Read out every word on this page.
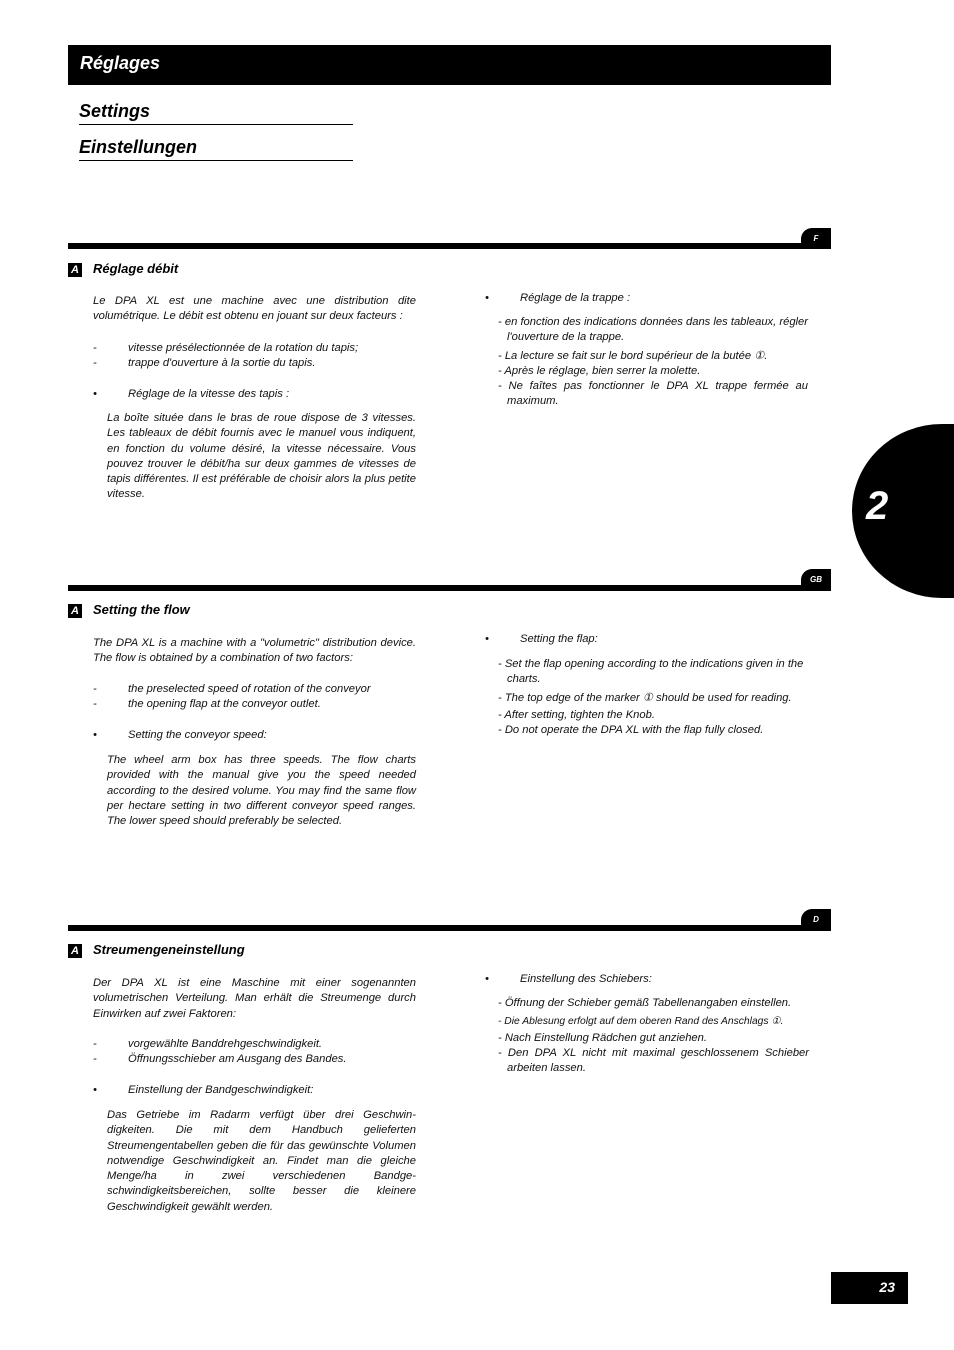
Réglages
Settings
Einstellungen
2
F
A Réglage débit

Le DPA XL est une machine avec une distribution dite volumétrique. Le débit est obtenu en jouant sur deux facteurs :

-	vitesse présélectionnée de la rotation du tapis;
-	trappe d'ouverture à la sortie du tapis.
•	Réglage de la vitesse des tapis :

La boîte située dans le bras de roue dispose de 3 vitesses. Les tableaux de débit fournis avec le manuel vous indiquent, en fonction du volume désiré, la vitesse nécessaire. Vous pouvez trouver le débit/ha sur deux gammes de vitesses de tapis différentes. Il est préférable de choisir alors la plus petite vitesse.

•	Réglage de la trappe :

- en fonction des indications données dans les tableaux, régler l'ouverture de la trappe.

- La lecture se fait sur le bord supérieur de la butée ①.

- Après le réglage, bien serrer la molette.

- Ne faîtes pas fonctionner le DPA XL trappe fermée au maximum.

GB
A Setting the flow

The DPA XL is a machine with a "volumetric" distribution device. The flow is obtained by a combination of two factors:

-	the preselected speed of rotation of the conveyor
-	the opening flap at the conveyor outlet.
•	Setting the conveyor speed:

The wheel arm box has three speeds. The flow charts provided with the manual give you the speed needed according to the desired volume. You may find the same flow per hectare setting in two different conveyor speed ranges. The lower speed should preferably be selected.

•	Setting the flap:

- Set the flap opening according to the indications given in the charts.

- The top edge of the marker ① should be used for reading.

- After setting, tighten the Knob.

- Do not operate the DPA XL with the flap fully closed.

D
A Streumengeneinstellung

Der DPA XL ist eine Maschine mit einer sogenannten volumetrischen Verteilung. Man erhält die Streumenge durch Einwirken auf zwei Faktoren:

-	vorgewählte Banddrehgeschwindigkeit.
-	Öffnungsschieber am Ausgang des Bandes.
•	Einstellung der Bandgeschwindigkeit:

Das Getriebe im Radarm verfügt über drei Geschwin-digkeiten. Die mit dem Handbuch gelieferten Streumengentabellen geben die für das gewünschte Volumen notwendige Geschwindigkeit an. Findet man die gleiche Menge/ha in zwei verschiedenen Bandge-schwindigkeitsbereichen, sollte besser die kleinere Geschwindigkeit gewählt werden.

•	Einstellung des Schiebers:

- Öffnung der Schieber gemäß Tabellenangaben einstellen.

- Die Ablesung erfolgt auf dem oberen Rand des Anschlags ①.

- Nach Einstellung Rädchen gut anziehen.

- Den DPA XL nicht mit maximal geschlossenem Schieber arbeiten lassen.

23
